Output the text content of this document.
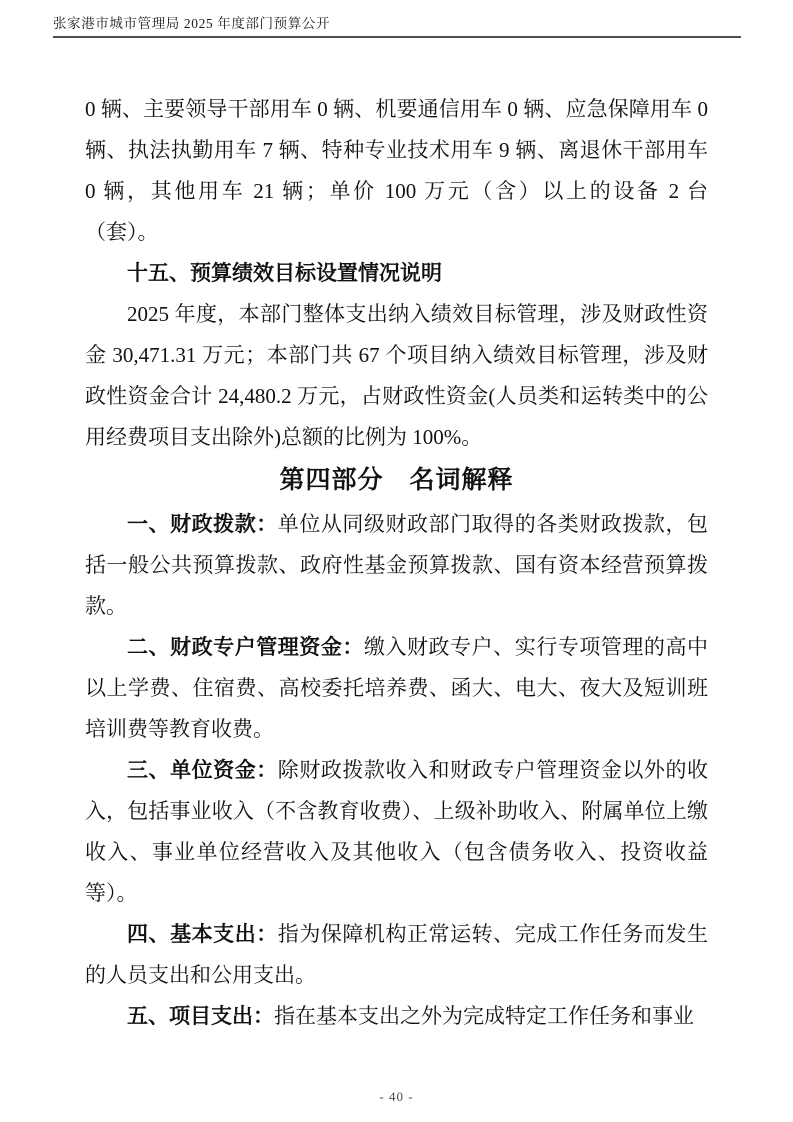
张家港市城市管理局 2025 年度部门预算公开

0 辆、主要领导干部用车 0 辆、机要通信用车 0 辆、应急保障用车 0 辆、执法执勤用车 7 辆、特种专业技术用车 9 辆、离退休干部用车 0 辆，其他用车 21 辆；单价 100 万元（含）以上的设备 2 台（套）。

十五、预算绩效目标设置情况说明

2025 年度，本部门整体支出纳入绩效目标管理，涉及财政性资金 30,471.31 万元；本部门共 67 个项目纳入绩效目标管理，涉及财政性资金合计 24,480.2 万元，占财政性资金(人员类和运转类中的公用经费项目支出除外)总额的比例为 100%。

第四部分　名词解释

一、财政拨款：单位从同级财政部门取得的各类财政拨款，包括一般公共预算拨款、政府性基金预算拨款、国有资本经营预算拨款。

二、财政专户管理资金：缴入财政专户、实行专项管理的高中以上学费、住宿费、高校委托培养费、函大、电大、夜大及短训班培训费等教育收费。

三、单位资金：除财政拨款收入和财政专户管理资金以外的收入，包括事业收入（不含教育收费）、上级补助收入、附属单位上缴收入、事业单位经营收入及其他收入（包含债务收入、投资收益等）。

四、基本支出：指为保障机构正常运转、完成工作任务而发生的人员支出和公用支出。

五、项目支出：指在基本支出之外为完成特定工作任务和事业

- 40 -
